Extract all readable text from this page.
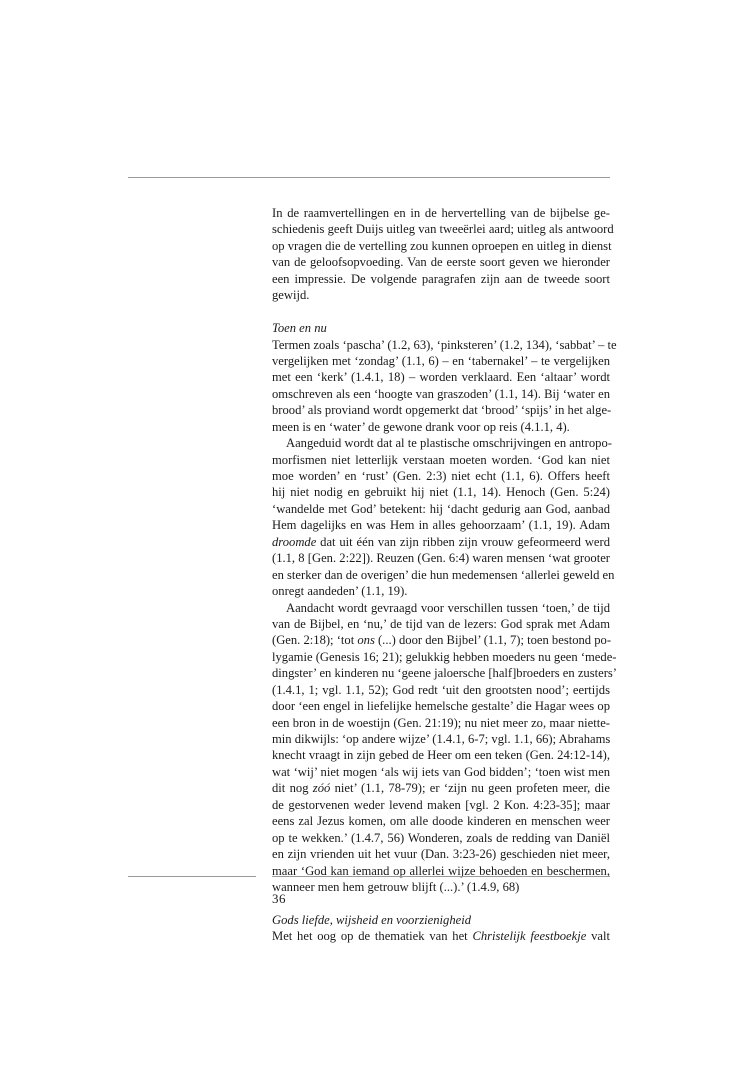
In de raamvertellingen en in de hervertelling van de bijbelse ge-
schiedenis geeft Duijs uitleg van tweeërlei aard; uitleg als antwoord
op vragen die de vertelling zou kunnen oproepen en uitleg in dienst
van de geloofsopvoeding. Van de eerste soort geven we hieronder
een impressie. De volgende paragrafen zijn aan de tweede soort
gewijd.
Toen en nu
Termen zoals ‘pascha’ (1.2, 63), ‘pinksteren’ (1.2, 134), ‘sabbat’ – te
vergelijken met ‘zondag’ (1.1, 6) – en ‘tabernakel’ – te vergelijken
met een ‘kerk’ (1.4.1, 18) – worden verklaard. Een ‘altaar’ wordt
omschreven als een ‘hoogte van graszoden’ (1.1, 14). Bij ‘water en
brood’ als proviand wordt opgemerkt dat ‘brood’ ‘spijs’ in het alge-
meen is en ‘water’ de gewone drank voor op reis (4.1.1, 4).
Aangeduid wordt dat al te plastische omschrijvingen en antropo-
morfismen niet letterlijk verstaan moeten worden. ‘God kan niet
moe worden’ en ‘rust’ (Gen. 2:3) niet echt (1.1, 6). Offers heeft
hij niet nodig en gebruikt hij niet (1.1, 14). Henoch (Gen. 5:24)
‘wandelde met God’ betekent: hij ‘dacht gedurig aan God, aanbad
Hem dagelijks en was Hem in alles gehoorzaam’ (1.1, 19). Adam
droomde dat uit één van zijn ribben zijn vrouw gefeormeerd werd
(1.1, 8 [Gen. 2:22]). Reuzen (Gen. 6:4) waren mensen ‘wat grooter
en sterker dan de overigen’ die hun medemensen ‘allerlei geweld en
onregt aandeden’ (1.1, 19).
Aandacht wordt gevraagd voor verschillen tussen ‘toen,’ de tijd
van de Bijbel, en ‘nu,’ de tijd van de lezers: God sprak met Adam
(Gen. 2:18); ‘tot ons (...) door den Bijbel’ (1.1, 7); toen bestond po-
lygamie (Genesis 16; 21); gelukkig hebben moeders nu geen ‘mede-
dingster’ en kinderen nu ‘geene jaloersche [half]broeders en zusters’
(1.4.1, 1; vgl. 1.1, 52); God redt ‘uit den grootsten nood’; eertijds
door ‘een engel in liefelijke hemelsche gestalte’ die Hagar wees op
een bron in de woestijn (Gen. 21:19); nu niet meer zo, maar niette-
min dikwijls: ‘op andere wijze’ (1.4.1, 6-7; vgl. 1.1, 66); Abrahams
knecht vraagt in zijn gebed de Heer om een teken (Gen. 24:12-14),
wat ‘wij’ niet mogen ‘als wij iets van God bidden’; ‘toen wist men
dit nog zóó niet’ (1.1, 78-79); er ‘zijn nu geen profeten meer, die
de gestorvenen weder levend maken [vgl. 2 Kon. 4:23-35]; maar
eens zal Jezus komen, om alle doode kinderen en menschen weer
op te wekken.’ (1.4.7, 56) Wonderen, zoals de redding van Daniël
en zijn vrienden uit het vuur (Dan. 3:23-26) geschieden niet meer,
maar ‘God kan iemand op allerlei wijze behoeden en beschermen,
wanneer men hem getrouw blijft (...).’ (1.4.9, 68)
Gods liefde, wijsheid en voorzienigheid
Met het oog op de thematiek van het Christelijk feestboekje valt
36
